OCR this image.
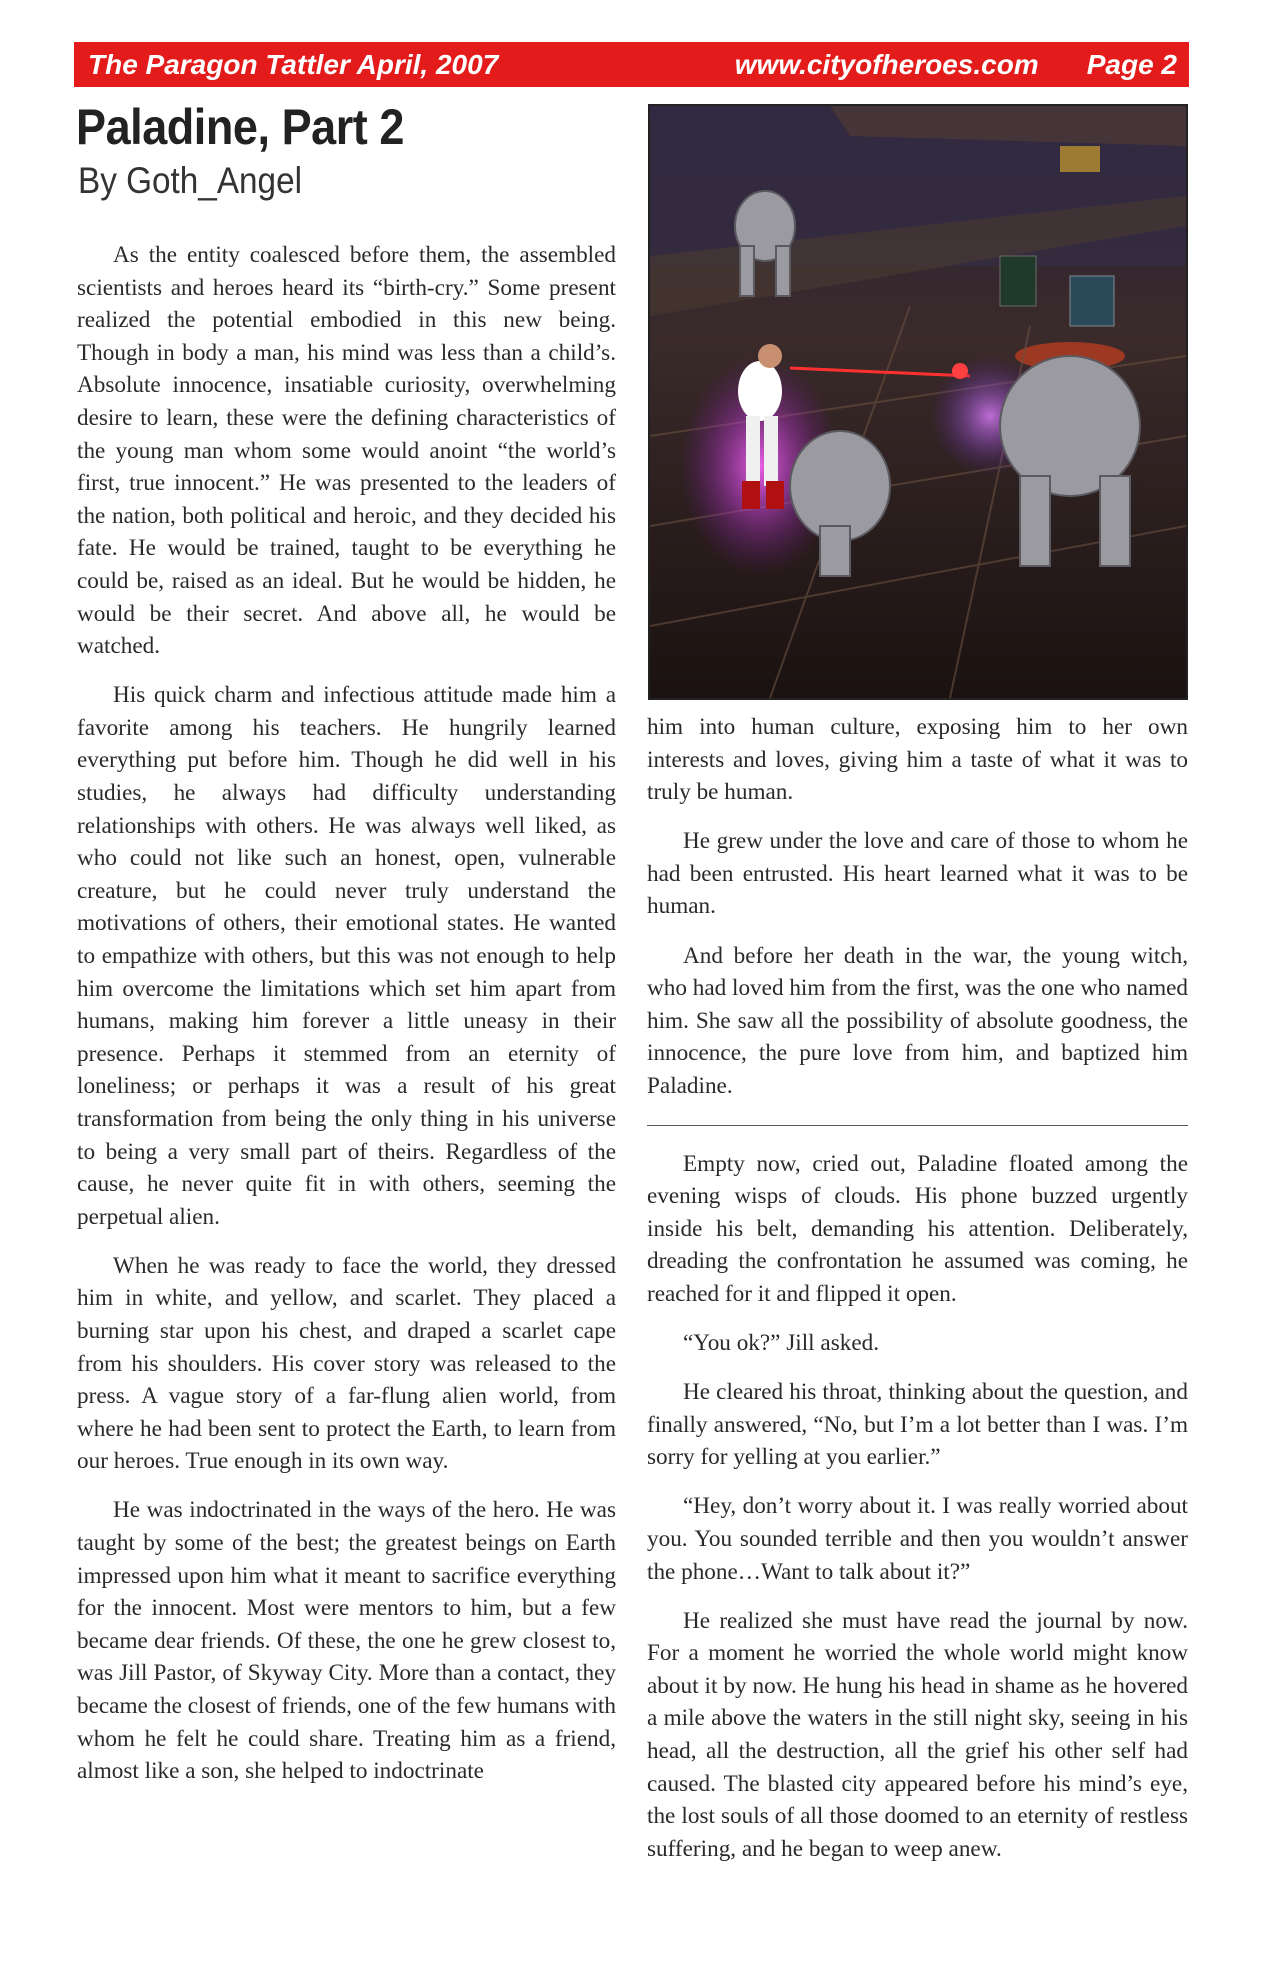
The Paragon Tattler April, 2007	www.cityofheroes.com Page 2
Paladine, Part 2
By Goth_Angel

As the entity coalesced before them, the assembled scientists and heroes heard its “birth-cry.” Some present realized the potential embodied in this new being. Though in body a man, his mind was less than a child’s. Absolute innocence, insatiable curiosity, overwhelming desire to learn, these were the defining characteristics of the young man whom some would anoint “the world’s first, true innocent.” He was presented to the leaders of the nation, both political and heroic, and they decided his fate. He would be trained, taught to be everything he could be, raised as an ideal. But he would be hidden, he would be their secret. And above all, he would be watched.

His quick charm and infectious attitude made him a favorite among his teachers. He hungrily learned everything put before him. Though he did well in his studies, he always had difficulty understanding relationships with others. He was always well liked, as who could not like such an honest, open, vulnerable creature, but he could never truly understand the motivations of others, their emotional states. He wanted to empathize with others, but this was not enough to help him overcome the limitations which set him apart from humans, making him forever a little uneasy in their presence. Perhaps it stemmed from an eternity of loneliness; or perhaps it was a result of his great transformation from being the only thing in his universe to being a very small part of theirs. Regardless of the cause, he never quite fit in with others, seeming the perpetual alien.

When he was ready to face the world, they dressed him in white, and yellow, and scarlet. They placed a burning star upon his chest, and draped a scarlet cape from his shoulders. His cover story was released to the press. A vague story of a far-flung alien world, from where he had been sent to protect the Earth, to learn from our heroes. True enough in its own way.

He was indoctrinated in the ways of the hero. He was taught by some of the best; the greatest beings on Earth impressed upon him what it meant to sacrifice everything for the innocent. Most were mentors to him, but a few became dear friends. Of these, the one he grew closest to, was Jill Pastor, of Skyway City. More than a contact, they became the closest of friends, one of the few humans with whom he felt he could share. Treating him as a friend, almost like a son, she helped to indoctrinate

him into human culture, exposing him to her own interests and loves, giving him a taste of what it was to truly be human.

He grew under the love and care of those to whom he had been entrusted. His heart learned what it was to be human.

And before her death in the war, the young witch, who had loved him from the first, was the one who named him. She saw all the possibility of absolute goodness, the innocence, the pure love from him, and baptized him Paladine.

Empty now, cried out, Paladine floated among the evening wisps of clouds. His phone buzzed urgently inside his belt, demanding his attention. Deliberately, dreading the confrontation he assumed was coming, he reached for it and flipped it open.

“You ok?” Jill asked.

He cleared his throat, thinking about the question, and finally answered, “No, but I’m a lot better than I was. I’m sorry for yelling at you earlier.”

“Hey, don’t worry about it. I was really worried about you. You sounded terrible and then you wouldn’t answer the phone…Want to talk about it?”

He realized she must have read the journal by now. For a moment he worried the whole world might know about it by now. He hung his head in shame as he hovered a mile above the waters in the still night sky, seeing in his head, all the destruction, all the grief his other self had caused. The blasted city appeared before his mind’s eye, the lost souls of all those doomed to an eternity of restless suffering, and he began to weep anew.
